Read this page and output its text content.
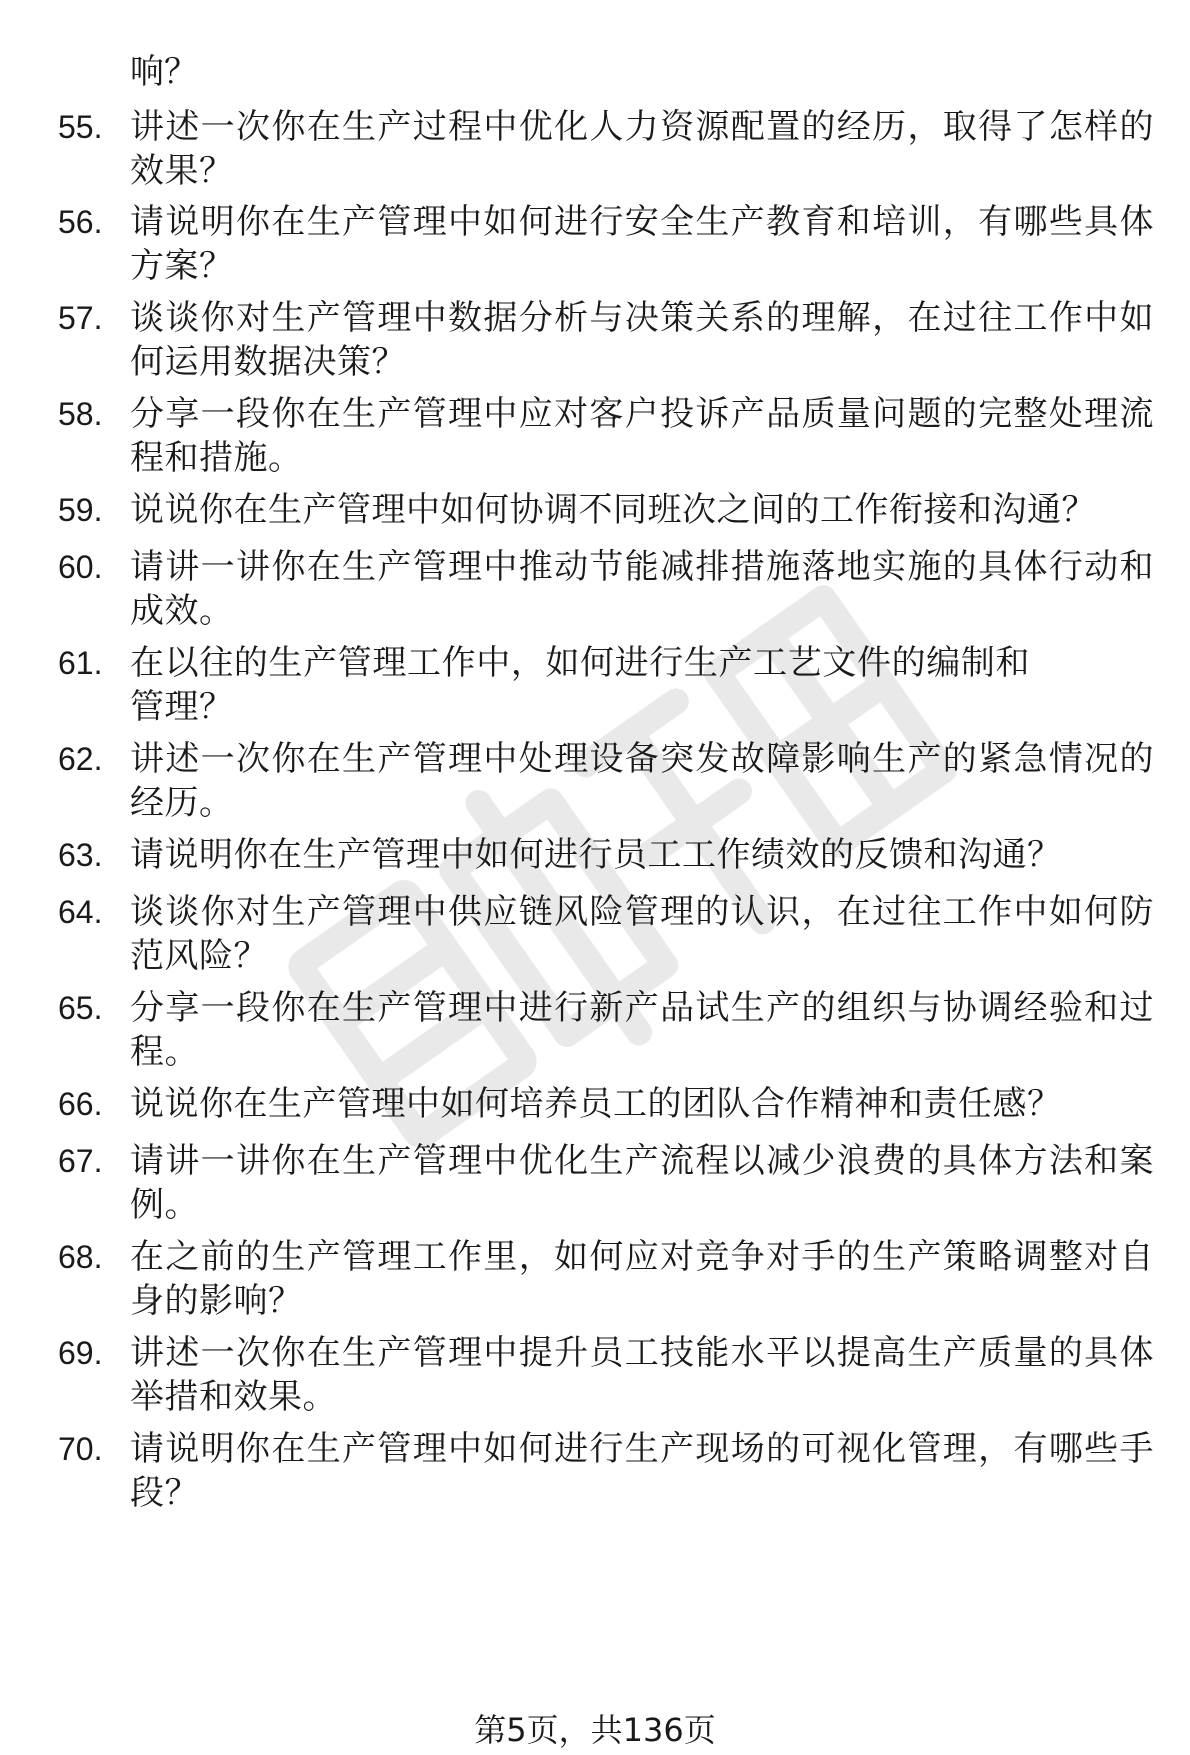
响？
55. 讲述一次你在生产过程中优化人力资源配置的经历，取得了怎样的效果？
56. 请说明你在生产管理中如何进行安全生产教育和培训，有哪些具体方案？
57. 谈谈你对生产管理中数据分析与决策关系的理解，在过往工作中如何运用数据决策？
58. 分享一段你在生产管理中应对客户投诉产品质量问题的完整处理流程和措施。
59. 说说你在生产管理中如何协调不同班次之间的工作衔接和沟通？
60. 请讲一讲你在生产管理中推动节能减排措施落地实施的具体行动和成效。
61. 在以往的生产管理工作中，如何进行生产工艺文件的编制和管理？
62. 讲述一次你在生产管理中处理设备突发故障影响生产的紧急情况的经历。
63. 请说明你在生产管理中如何进行员工工作绩效的反馈和沟通？
64. 谈谈你对生产管理中供应链风险管理的认识，在过往工作中如何防范风险？
65. 分享一段你在生产管理中进行新产品试生产的组织与协调经验和过程。
66. 说说你在生产管理中如何培养员工的团队合作精神和责任感？
67. 请讲一讲你在生产管理中优化生产流程以减少浪费的具体方法和案例。
68. 在之前的生产管理工作里，如何应对竞争对手的生产策略调整对自身的影响？
69. 讲述一次你在生产管理中提升员工技能水平以提高生产质量的具体举措和效果。
70. 请说明你在生产管理中如何进行生产现场的可视化管理，有哪些手段？
第5页，共136页
